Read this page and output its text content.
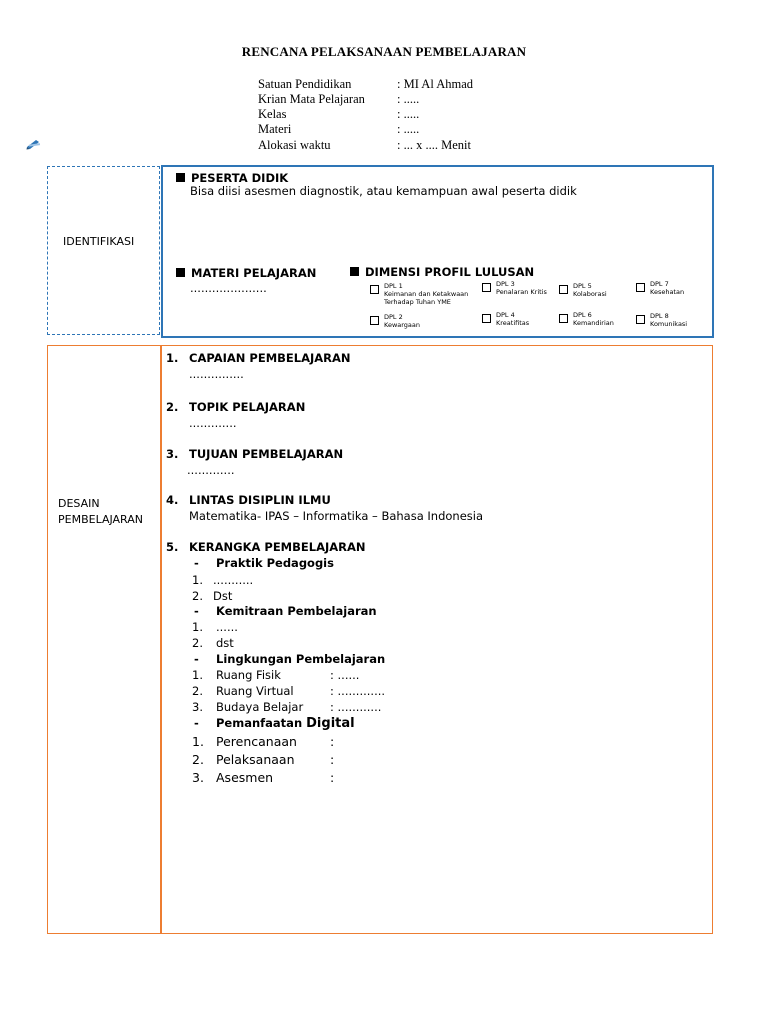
RENCANA PELAKSANAAN PEMBELAJARAN
Satuan Pendidikan	: MI Al Ahmad
Krian Mata Pelajaran	: .....
Kelas	: .....
Materi	: .....
Alokasi waktu	: ... x .... Menit
IDENTIFIKASI
PESERTA DIDIK
Bisa diisi asesmen diagnostik, atau kemampuan awal peserta didik
MATERI PELAJARAN
.....................
DIMENSI PROFIL LULUSAN
DPL 1
Keimanan dan Ketakwaan
Terhadap Tuhan YME
DPL 3
Penalaran Kritis
DPL 5
Kolaborasi
DPL 7
Kesehatan
DPL 2
Kewargaan
DPL 4
Kreatifitas
DPL 6
Kemandirian
DPL 8
Komunikasi
DESAIN
PEMBELAJARAN
1. CAPAIAN PEMBELAJARAN
...............
2. TOPIK PELAJARAN
.............
3. TUJUAN PEMBELAJARAN
.............
4. LINTAS DISIPLIN ILMU
Matematika- IPAS – Informatika – Bahasa Indonesia
5. KERANGKA PEMBELAJARAN
- Praktik Pedagogis
1. ...........
2. Dst
- Kemitraan Pembelajaran
1. ......
2. dst
- Lingkungan Pembelajaran
1. Ruang Fisik	: ......
2. Ruang Virtual	: .............
3. Budaya Belajar : ............
- Pemanfaatan Digital
1. Perencanaan	:
2. Pelaksanaan	:
3. Asesmen	:
